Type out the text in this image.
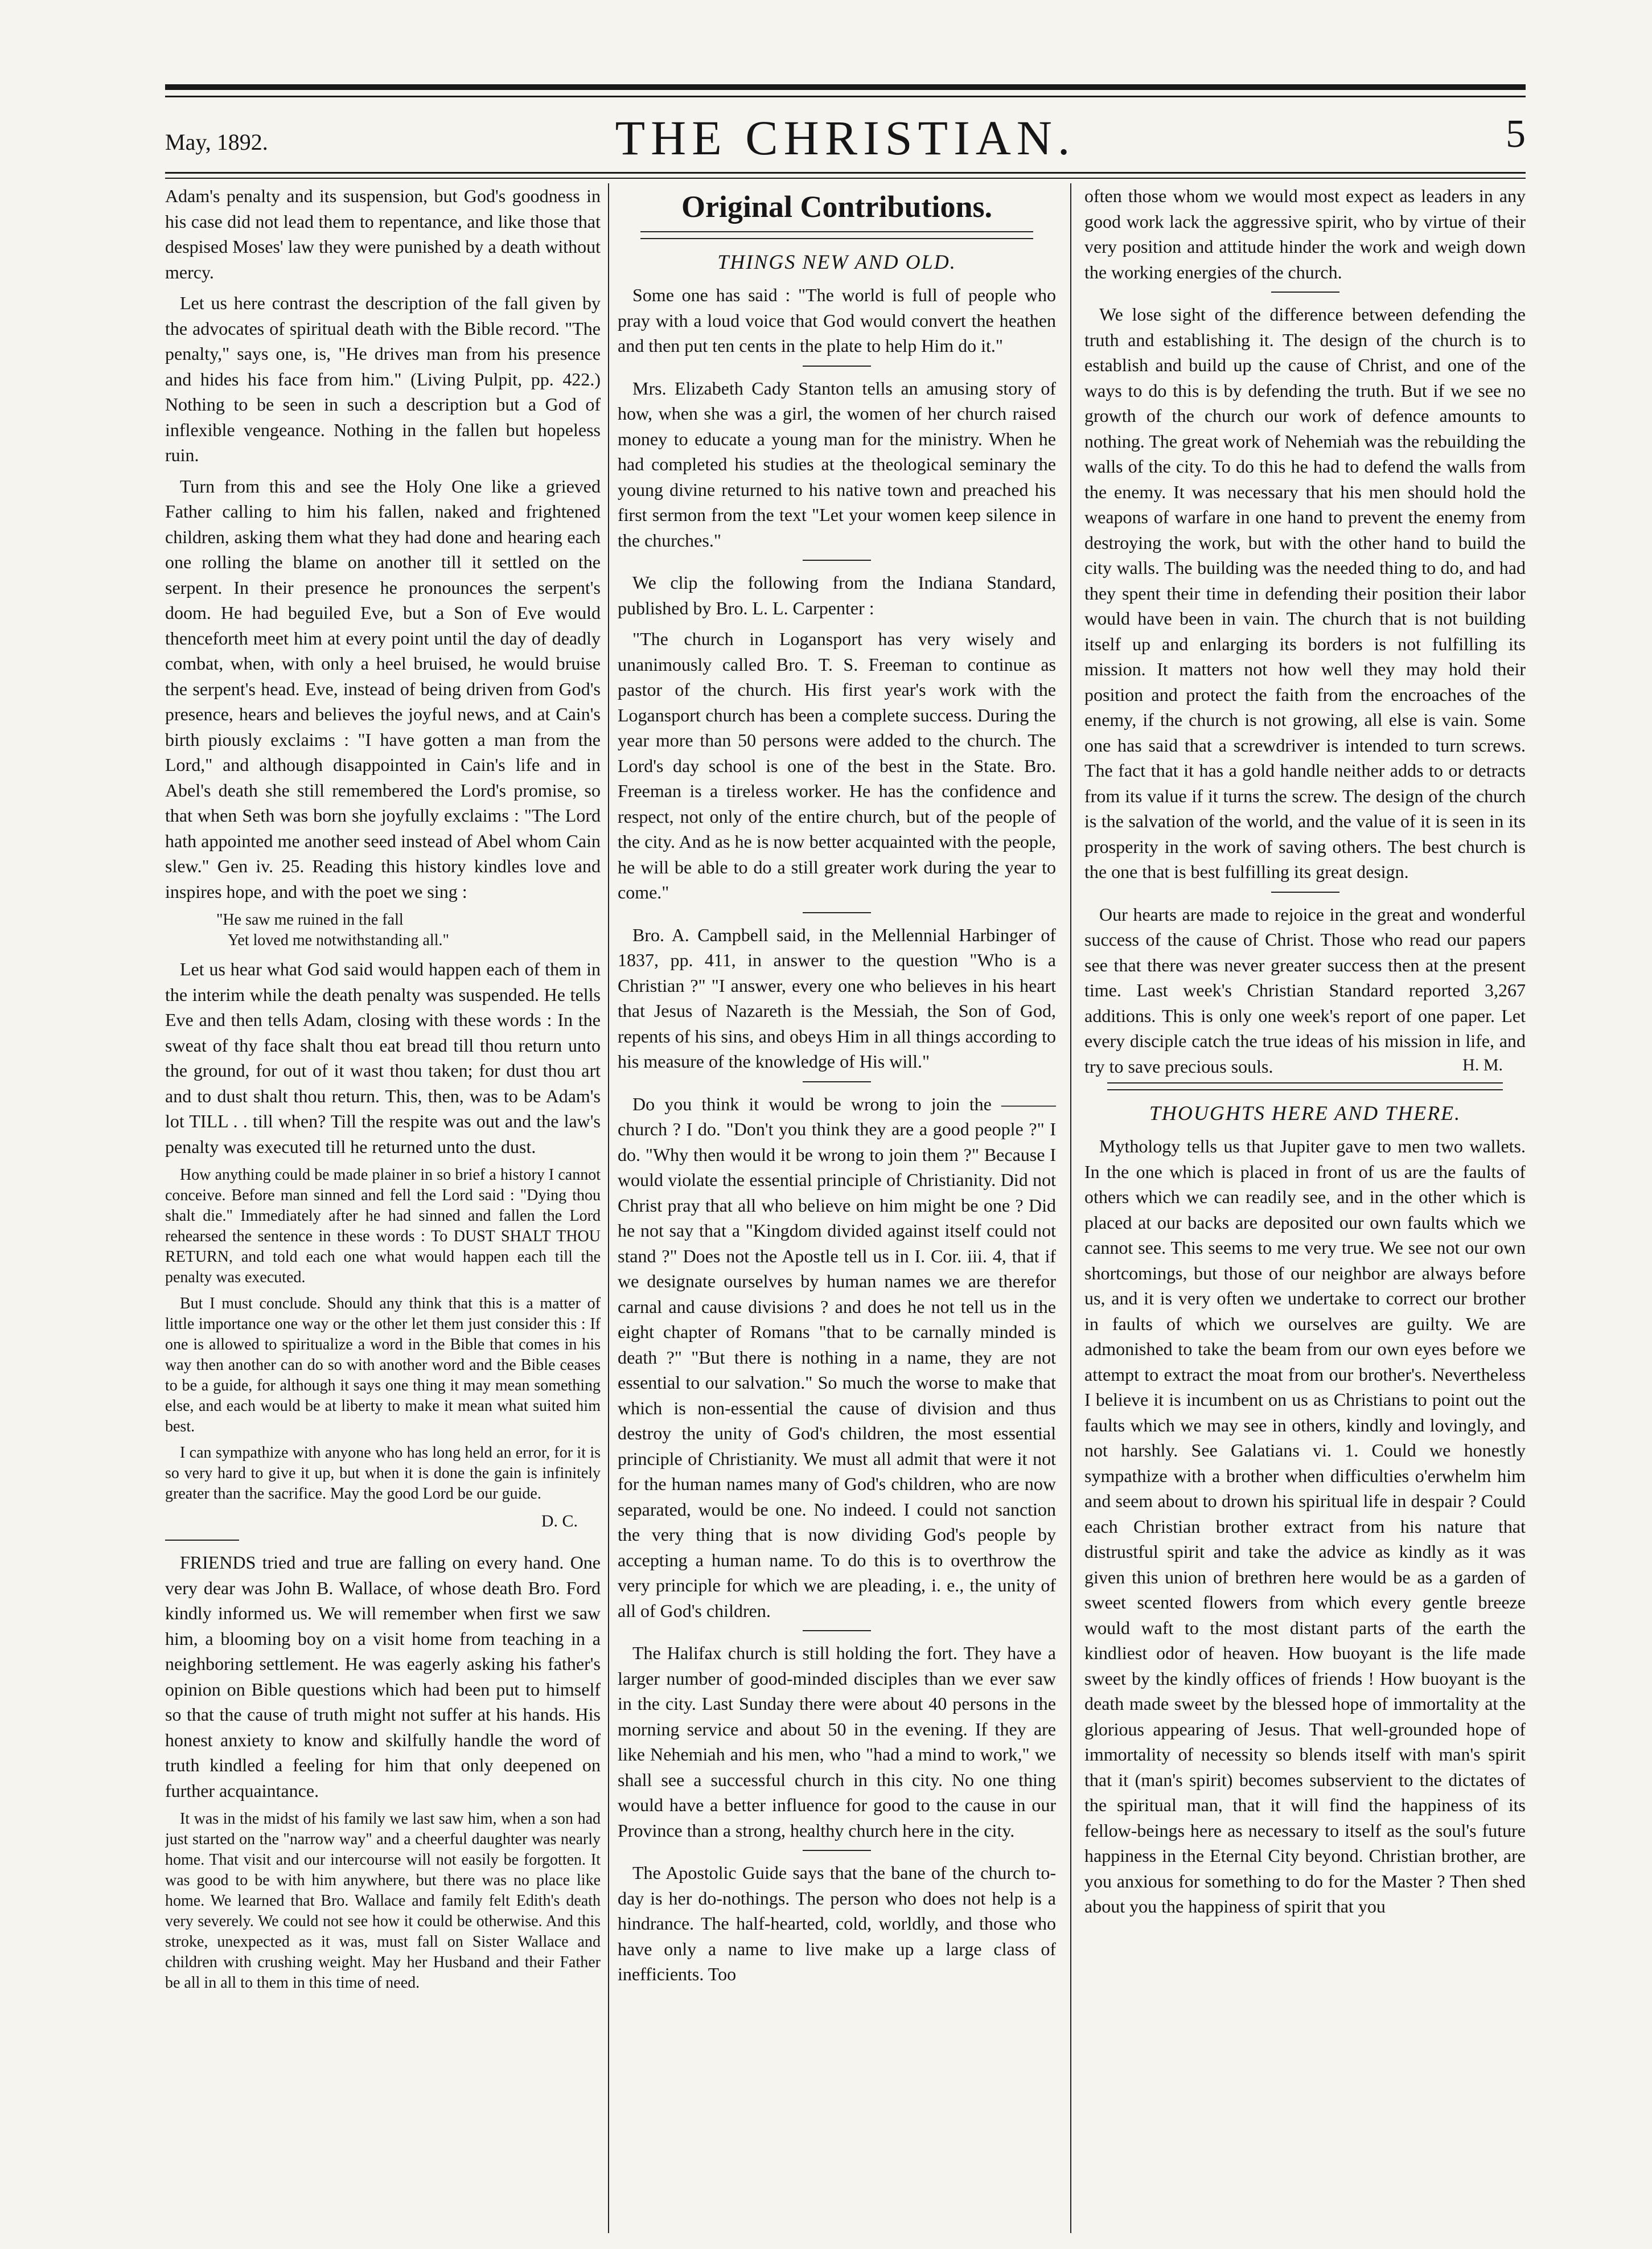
May, 1892.	THE CHRISTIAN.	5

Adam's penalty and its suspension, but God's goodness in his case did not lead them to repentance, and like those that despised Moses' law they were punished by a death without mercy.

Let us here contrast the description of the fall given by the advocates of spiritual death with the Bible record. "The penalty," says one, is, "He drives man from his presence and hides his face from him." (Living Pulpit, pp. 422.) Nothing to be seen in such a description but a God of inflexible vengeance. Nothing in the fallen but hopeless ruin.

Turn from this and see the Holy One like a grieved Father calling to him his fallen, naked and frightened children, asking them what they had done and hearing each one rolling the blame on another till it settled on the serpent. In their presence he pronounces the serpent's doom. He had beguiled Eve, but a Son of Eve would thenceforth meet him at every point until the day of deadly combat, when, with only a heel bruised, he would bruise the serpent's head. Eve, instead of being driven from God's presence, hears and believes the joyful news, and at Cain's birth piously exclaims : "I have gotten a man from the Lord," and although disappointed in Cain's life and in Abel's death she still remembered the Lord's promise, so that when Seth was born she joyfully exclaims : "The Lord hath appointed me another seed instead of Abel whom Cain slew." Gen iv. 25. Reading this history kindles love and inspires hope, and with the poet we sing :

"He saw me ruined in the fall
Yet loved me notwithstanding all."

Let us hear what God said would happen each of them in the interim while the death penalty was suspended. He tells Eve and then tells Adam, closing with these words : In the sweat of thy face shalt thou eat bread till thou return unto the ground, for out of it wast thou taken; for dust thou art and to dust shalt thou return. This, then, was to be Adam's lot TILL . . till when? Till the respite was out and the law's penalty was executed till he returned unto the dust.

How anything could be made plainer in so brief a history I cannot conceive. Before man sinned and fell the Lord said : "Dying thou shalt die." Immediately after he had sinned and fallen the Lord rehearsed the sentence in these words : To DUST SHALT THOU RETURN, and told each one what would happen each till the penalty was executed.

But I must conclude. Should any think that this is a matter of little importance one way or the other let them just consider this : If one is allowed to spiritualize a word in the Bible that comes in his way then another can do so with another word and the Bible ceases to be a guide, for although it says one thing it may mean something else, and each would be at liberty to make it mean what suited him best.

I can sympathize with anyone who has long held an error, for it is so very hard to give it up, but when it is done the gain is infinitely greater than the sacrifice. May the good Lord be our guide.

D. C.

FRIENDS tried and true are falling on every hand. One very dear was John B. Wallace, of whose death Bro. Ford kindly informed us. We will remember when first we saw him, a blooming boy on a visit home from teaching in a neighboring settlement. He was eagerly asking his father's opinion on Bible questions which had been put to himself so that the cause of truth might not suffer at his hands. His honest anxiety to know and skilfully handle the word of truth kindled a feeling for him that only deepened on further acquaintance.

It was in the midst of his family we last saw him, when a son had just started on the "narrow way" and a cheerful daughter was nearly home. That visit and our intercourse will not easily be forgotten. It was good to be with him anywhere, but there was no place like home. We learned that Bro. Wallace and family felt Edith's death very severely. We could not see how it could be otherwise. And this stroke, unexpected as it was, must fall on Sister Wallace and children with crushing weight. May her Husband and their Father be all in all to them in this time of need.

Original Contributions.
THINGS NEW AND OLD.

Some one has said : "The world is full of people who pray with a loud voice that God would convert the heathen and then put ten cents in the plate to help Him do it."

Mrs. Elizabeth Cady Stanton tells an amusing story of how, when she was a girl, the women of her church raised money to educate a young man for the ministry. When he had completed his studies at the theological seminary the young divine returned to his native town and preached his first sermon from the text "Let your women keep silence in the churches."

We clip the following from the Indiana Standard, published by Bro. L. L. Carpenter :

"The church in Logansport has very wisely and unanimously called Bro. T. S. Freeman to continue as pastor of the church. His first year's work with the Logansport church has been a complete success. During the year more than 50 persons were added to the church. The Lord's day school is one of the best in the State. Bro. Freeman is a tireless worker. He has the confidence and respect, not only of the entire church, but of the people of the city. And as he is now better acquainted with the people, he will be able to do a still greater work during the year to come."

Bro. A. Campbell said, in the Mellennial Harbinger of 1837, pp. 411, in answer to the question "Who is a Christian ?" "I answer, every one who believes in his heart that Jesus of Nazareth is the Messiah, the Son of God, repents of his sins, and obeys Him in all things according to his measure of the knowledge of His will."

Do you think it would be wrong to join the ——— church ? I do. "Don't you think they are a good people ?" I do. "Why then would it be wrong to join them ?" Because I would violate the essential principle of Christianity. Did not Christ pray that all who believe on him might be one ? Did he not say that a "Kingdom divided against itself could not stand ?" Does not the Apostle tell us in I. Cor. iii. 4, that if we designate ourselves by human names we are therefor carnal and cause divisions ? and does he not tell us in the eight chapter of Romans "that to be carnally minded is death ?" "But there is nothing in a name, they are not essential to our salvation." So much the worse to make that which is non-essential the cause of division and thus destroy the unity of God's children, the most essential principle of Christianity. We must all admit that were it not for the human names many of God's children, who are now separated, would be one. No indeed. I could not sanction the very thing that is now dividing God's people by accepting a human name. To do this is to overthrow the very principle for which we are pleading, i. e., the unity of all of God's children.

The Halifax church is still holding the fort. They have a larger number of good-minded disciples than we ever saw in the city. Last Sunday there were about 40 persons in the morning service and about 50 in the evening. If they are like Nehemiah and his men, who "had a mind to work," we shall see a successful church in this city. No one thing would have a better influence for good to the cause in our Province than a strong, healthy church here in the city.

The Apostolic Guide says that the bane of the church to-day is her do-nothings. The person who does not help is a hindrance. The half-hearted, cold, worldly, and those who have only a name to live make up a large class of inefficients. Too

often those whom we would most expect as leaders in any good work lack the aggressive spirit, who by virtue of their very position and attitude hinder the work and weigh down the working energies of the church.

We lose sight of the difference between defending the truth and establishing it. The design of the church is to establish and build up the cause of Christ, and one of the ways to do this is by defending the truth. But if we see no growth of the church our work of defence amounts to nothing. The great work of Nehemiah was the rebuilding the walls of the city. To do this he had to defend the walls from the enemy. It was necessary that his men should hold the weapons of warfare in one hand to prevent the enemy from destroying the work, but with the other hand to build the city walls. The building was the needed thing to do, and had they spent their time in defending their position their labor would have been in vain. The church that is not building itself up and enlarging its borders is not fulfilling its mission. It matters not how well they may hold their position and protect the faith from the encroaches of the enemy, if the church is not growing, all else is vain. Some one has said that a screwdriver is intended to turn screws. The fact that it has a gold handle neither adds to or detracts from its value if it turns the screw. The design of the church is the salvation of the world, and the value of it is seen in its prosperity in the work of saving others. The best church is the one that is best fulfilling its great design.

Our hearts are made to rejoice in the great and wonderful success of the cause of Christ. Those who read our papers see that there was never greater success then at the present time. Last week's Christian Standard reported 3,267 additions. This is only one week's report of one paper. Let every disciple catch the true ideas of his mission in life, and try to save precious souls.	H. M.
THOUGHTS HERE AND THERE.

Mythology tells us that Jupiter gave to men two wallets. In the one which is placed in front of us are the faults of others which we can readily see, and in the other which is placed at our backs are deposited our own faults which we cannot see. This seems to me very true. We see not our own shortcomings, but those of our neighbor are always before us, and it is very often we undertake to correct our brother in faults of which we ourselves are guilty. We are admonished to take the beam from our own eyes before we attempt to extract the moat from our brother's. Nevertheless I believe it is incumbent on us as Christians to point out the faults which we may see in others, kindly and lovingly, and not harshly. See Galatians vi. 1. Could we honestly sympathize with a brother when difficulties o'erwhelm him and seem about to drown his spiritual life in despair ? Could each Christian brother extract from his nature that distrustful spirit and take the advice as kindly as it was given this union of brethren here would be as a garden of sweet scented flowers from which every gentle breeze would waft to the most distant parts of the earth the kindliest odor of heaven. How buoyant is the life made sweet by the kindly offices of friends ! How buoyant is the death made sweet by the blessed hope of immortality at the glorious appearing of Jesus. That well-grounded hope of immortality of necessity so blends itself with man's spirit that it (man's spirit) becomes subservient to the dictates of the spiritual man, that it will find the happiness of its fellow-beings here as necessary to itself as the soul's future happiness in the Eternal City beyond. Christian brother, are you anxious for something to do for the Master ? Then shed about you the happiness of spirit that you
